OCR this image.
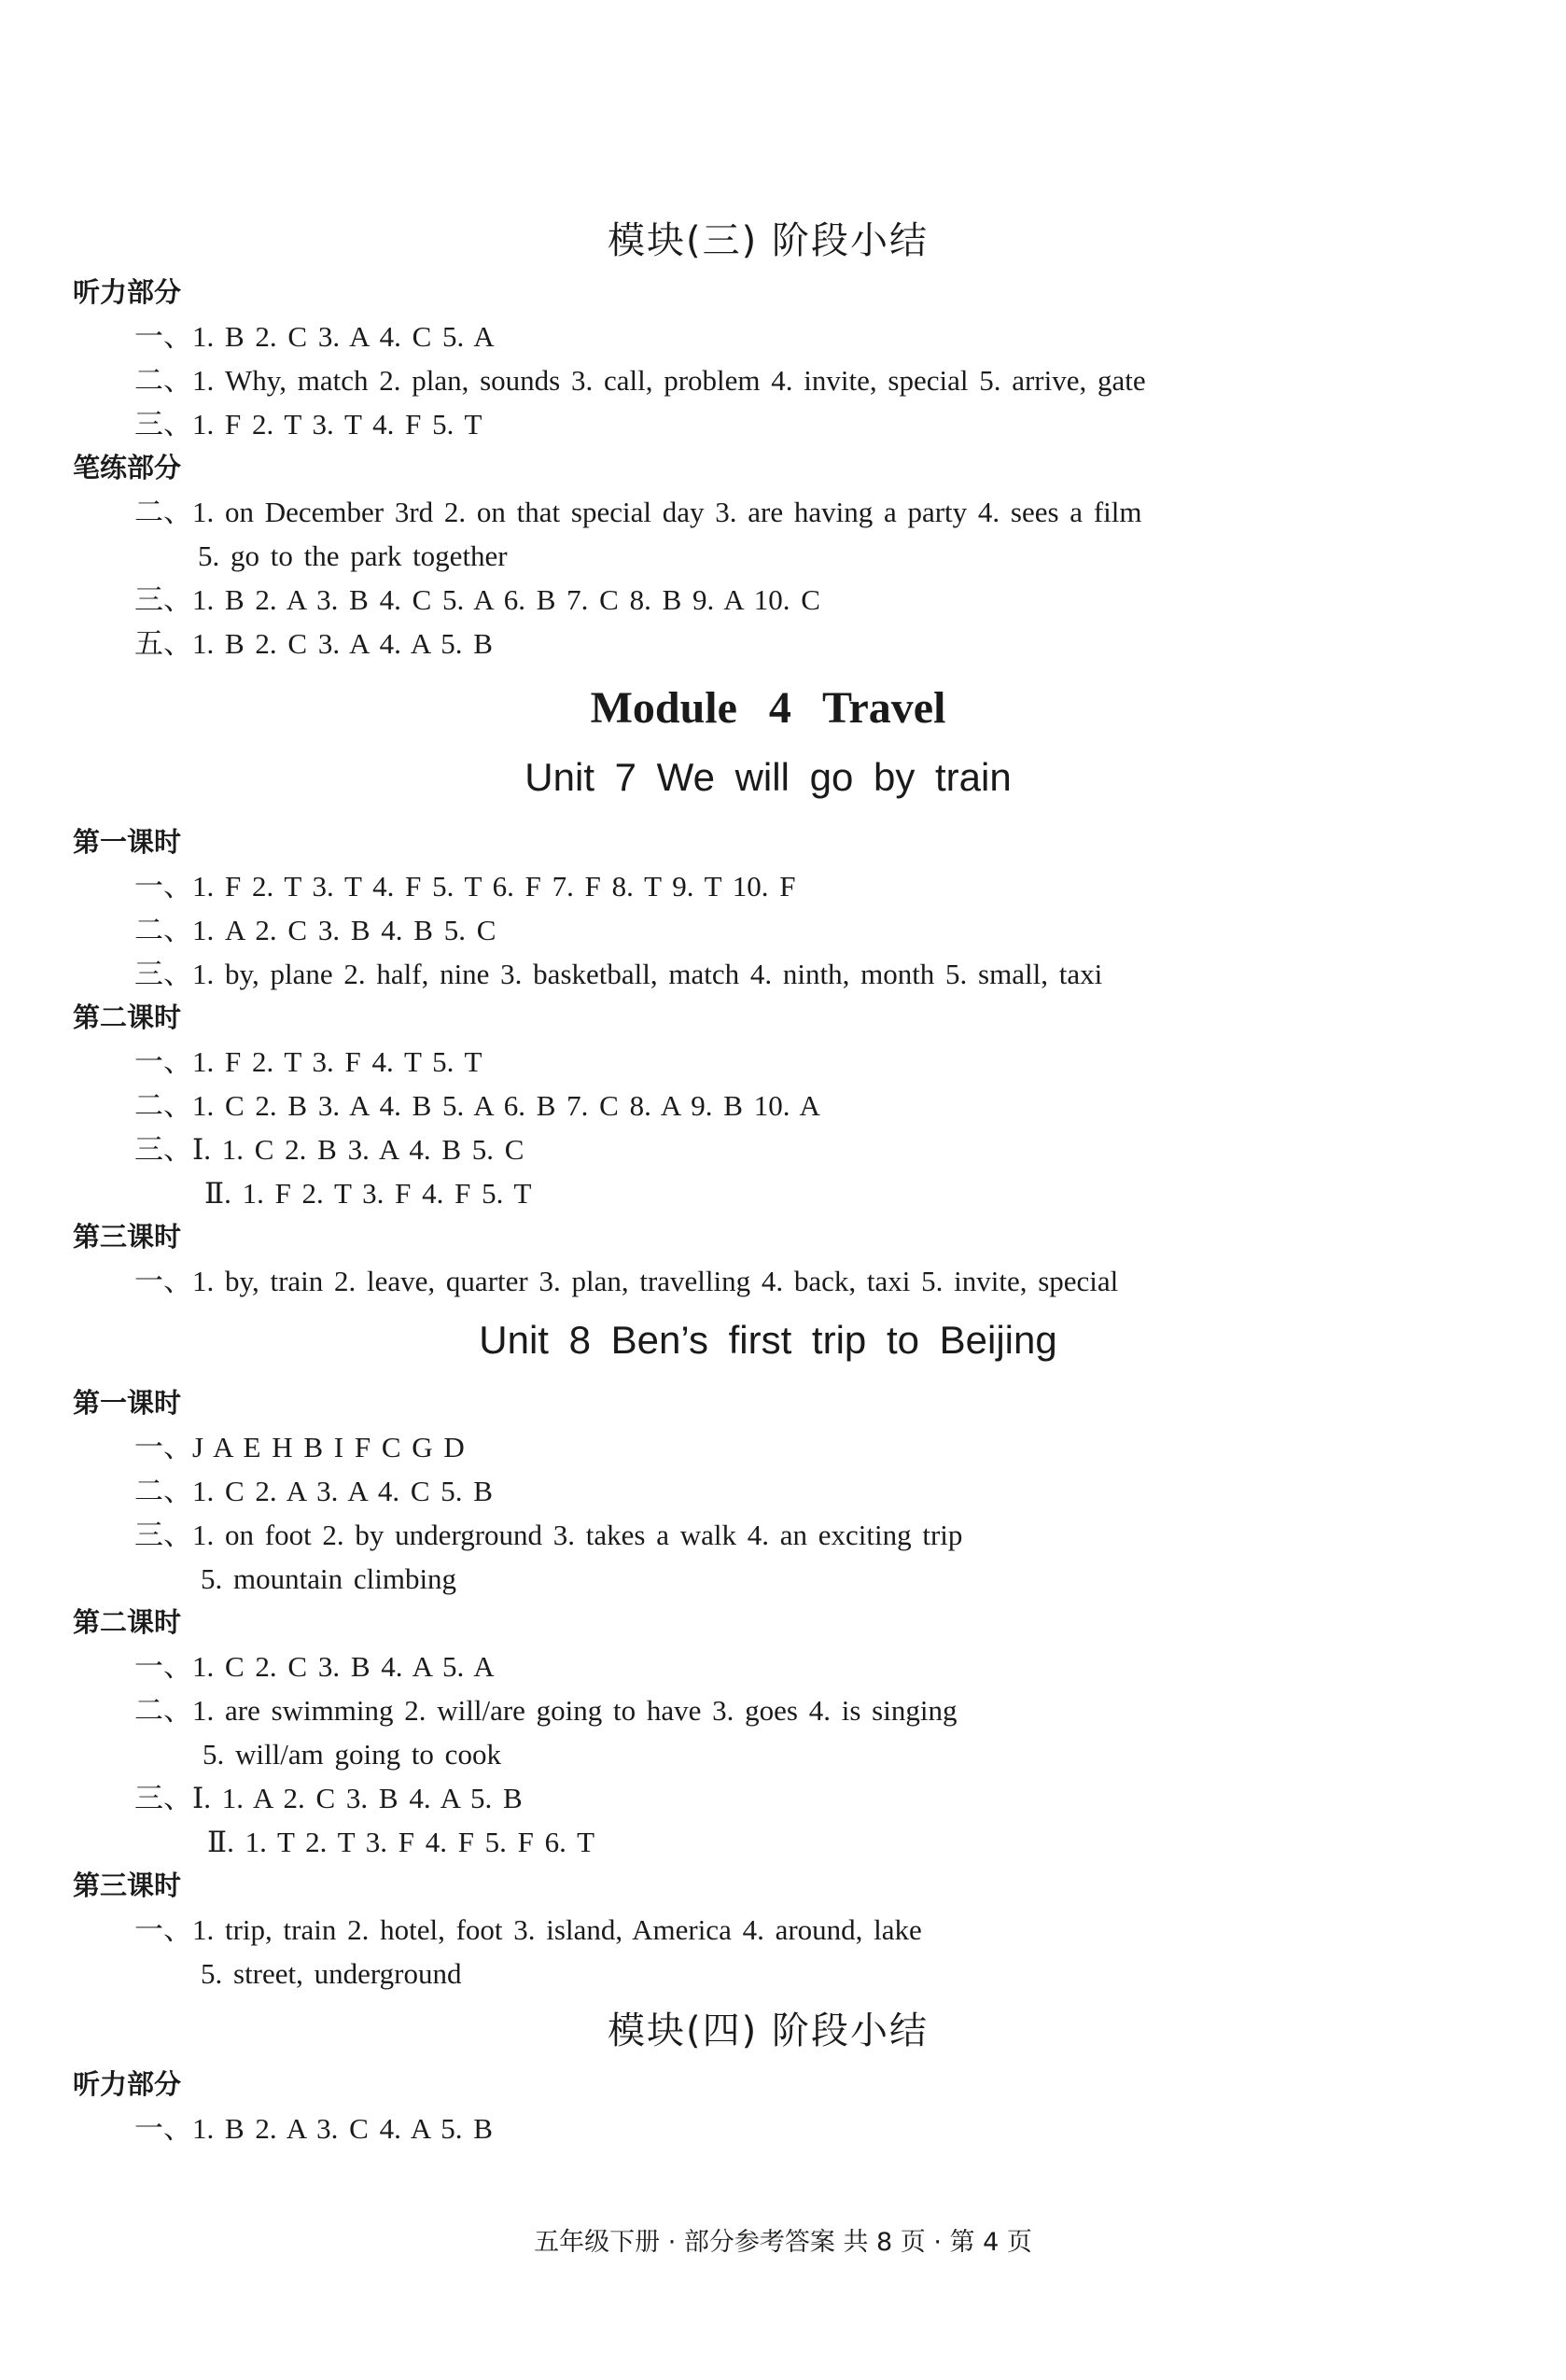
模块(三) 阶段小结
听力部分
一、1. B 2. C 3. A 4. C 5. A
二、1. Why, match 2. plan, sounds 3. call, problem 4. invite, special 5. arrive, gate
三、1. F 2. T 3. T 4. F 5. T
笔练部分
二、1. on December 3rd 2. on that special day 3. are having a party 4. sees a film
5. go to the park together
三、1. B 2. A 3. B 4. C 5. A 6. B 7. C 8. B 9. A 10. C
五、1. B 2. C 3. A 4. A 5. B
Module 4 Travel
Unit 7 We will go by train
第一课时
一、1. F 2. T 3. T 4. F 5. T 6. F 7. F 8. T 9. T 10. F
二、1. A 2. C 3. B 4. B 5. C
三、1. by, plane 2. half, nine 3. basketball, match 4. ninth, month 5. small, taxi
第二课时
一、1. F 2. T 3. F 4. T 5. T
二、1. C 2. B 3. A 4. B 5. A 6. B 7. C 8. A 9. B 10. A
三、Ⅰ. 1. C 2. B 3. A 4. B 5. C
Ⅱ. 1. F 2. T 3. F 4. F 5. T
第三课时
一、1. by, train 2. leave, quarter 3. plan, travelling 4. back, taxi 5. invite, special
Unit 8 Ben’s first trip to Beijing
第一课时
一、J A E H B I F C G D
二、1. C 2. A 3. A 4. C 5. B
三、1. on foot 2. by underground 3. takes a walk 4. an exciting trip
5. mountain climbing
第二课时
一、1. C 2. C 3. B 4. A 5. A
二、1. are swimming 2. will/are going to have 3. goes 4. is singing
5. will/am going to cook
三、Ⅰ. 1. A 2. C 3. B 4. A 5. B
Ⅱ. 1. T 2. T 3. F 4. F 5. F 6. T
第三课时
一、1. trip, train 2. hotel, foot 3. island, America 4. around, lake
5. street, underground
模块(四) 阶段小结
听力部分
一、1. B 2. A 3. C 4. A 5. B
五年级下册 · 部分参考答案 共 8 页 · 第 4 页
